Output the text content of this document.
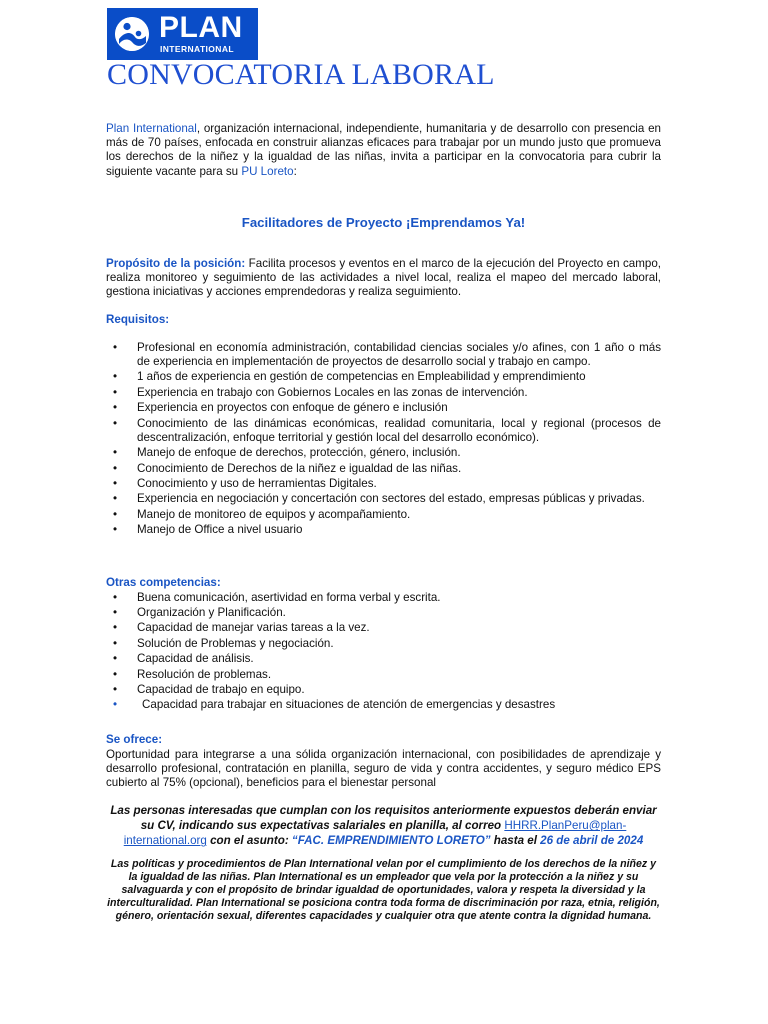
PLAN
INTERNATIONAL
CONVOCATORIA LABORAL

Plan International, organización internacional, independiente, humanitaria y de desarrollo con presencia en más de 70 países, enfocada en construir alianzas eficaces para trabajar por un mundo justo que promueva los derechos de la niñez y la igualdad de las niñas, invita a participar en la convocatoria para cubrir la siguiente vacante para su PU Loreto:

Facilitadores de Proyecto ¡Emprendamos Ya!

Propósito de la posición: Facilita procesos y eventos en el marco de la ejecución del Proyecto en campo, realiza monitoreo y seguimiento de las actividades a nivel local, realiza el mapeo del mercado laboral, gestiona iniciativas y acciones emprendedoras y realiza seguimiento.

Requisitos:
• Profesional en economía administración, contabilidad ciencias sociales y/o afines, con 1 año o más de experiencia en implementación de proyectos de desarrollo social y trabajo en campo.
• 1 años de experiencia en gestión de competencias en Empleabilidad y emprendimiento
• Experiencia en trabajo con Gobiernos Locales en las zonas de intervención.
• Experiencia en proyectos con enfoque de género e inclusión
• Conocimiento de las dinámicas económicas, realidad comunitaria, local y regional (procesos de descentralización, enfoque territorial y gestión local del desarrollo económico).
• Manejo de enfoque de derechos, protección, género, inclusión.
• Conocimiento de Derechos de la niñez e igualdad de las niñas.
• Conocimiento y uso de herramientas Digitales.
• Experiencia en negociación y concertación con sectores del estado, empresas públicas y privadas.
• Manejo de monitoreo de equipos y acompañamiento.
• Manejo de Office a nivel usuario
Otras competencias:
• Buena comunicación, asertividad en forma verbal y escrita.
• Organización y Planificación.
• Capacidad de manejar varias tareas a la vez.
• Solución de Problemas y negociación.
• Capacidad de análisis.
• Resolución de problemas.
• Capacidad de trabajo en equipo.
• Capacidad para trabajar en situaciones de atención de emergencias y desastres
Se ofrece:

Oportunidad para integrarse a una sólida organización internacional, con posibilidades de aprendizaje y desarrollo profesional, contratación en planilla, seguro de vida y contra accidentes, y seguro médico EPS cubierto al 75% (opcional), beneficios para el bienestar personal

Las personas interesadas que cumplan con los requisitos anteriormente expuestos deberán enviar su CV, indicando sus expectativas salariales en planilla, al correo HHRR.PlanPeru@plan-international.org con el asunto: “FAC. EMPRENDIMIENTO LORETO” hasta el 26 de abril de 2024

Las políticas y procedimientos de Plan International velan por el cumplimiento de los derechos de la niñez y la igualdad de las niñas. Plan International es un empleador que vela por la protección a la niñez y su salvaguarda y con el propósito de brindar igualdad de oportunidades, valora y respeta la diversidad y la interculturalidad. Plan International se posiciona contra toda forma de discriminación por raza, etnia, religión, género, orientación sexual, diferentes capacidades y cualquier otra que atente contra la dignidad humana.
